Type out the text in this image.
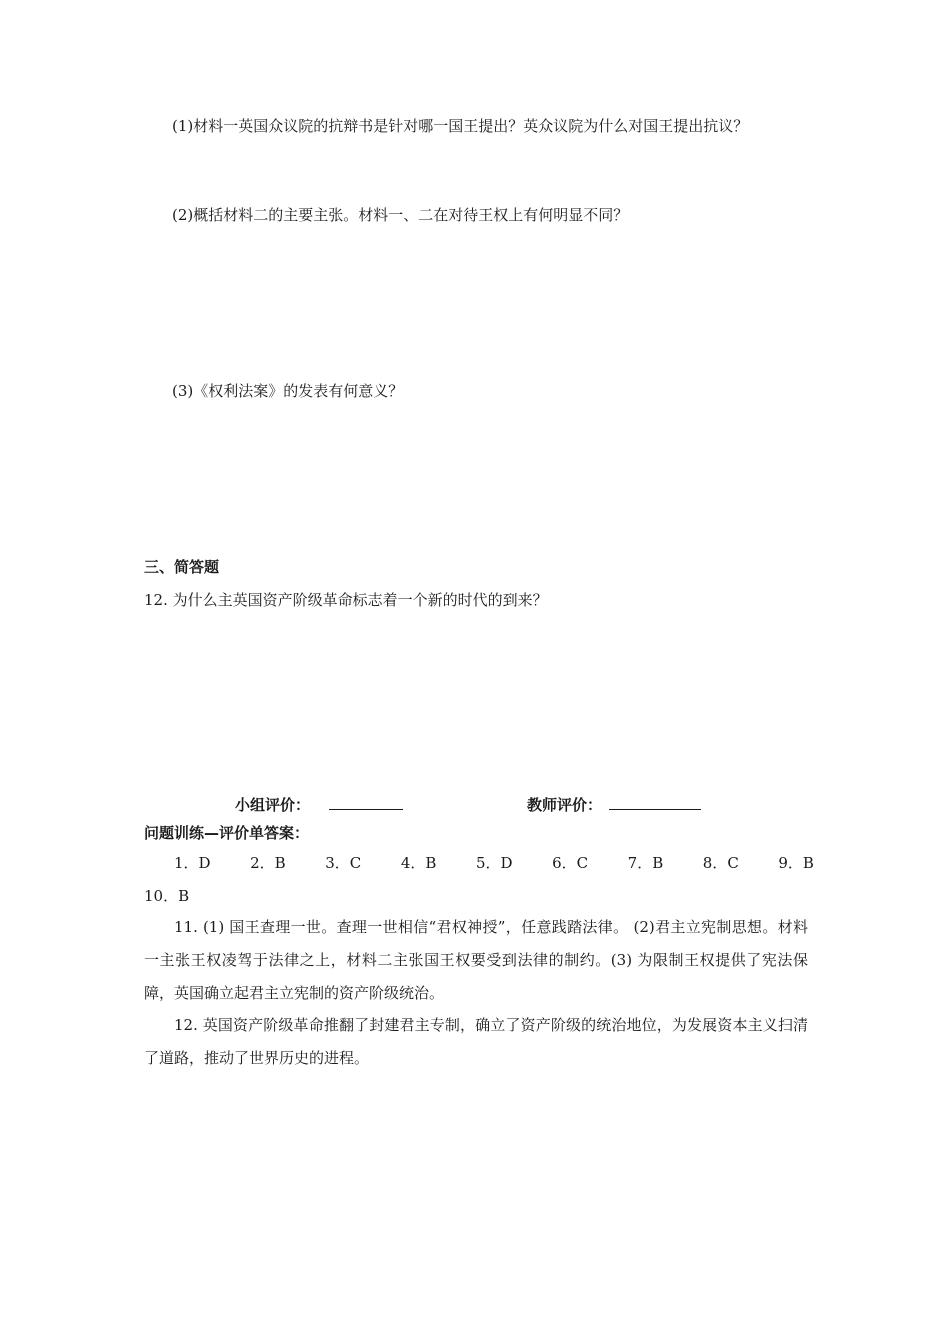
(1)材料一英国众议院的抗辩书是针对哪一国王提出？英众议院为什么对国王提出抗议？
(2)概括材料二的主要主张。材料一、二在对待王权上有何明显不同？
(3)《权利法案》的发表有何意义？
三、简答题
12. 为什么主英国资产阶级革命标志着一个新的时代的到来？
小组评价：	教师评价：
问题训练—评价单答案：
1．D	2．B	3．C	4．B	5．D	6．C	7．B	8．C	9．B
10．B
11. (1) 国王查理一世。查理一世相信“君权神授”，任意践踏法律。 (2)君主立宪制思想。材料一主张王权凌驾于法律之上，材料二主张国王权要受到法律的制约。(3) 为限制王权提供了宪法保障，英国确立起君主立宪制的资产阶级统治。
12. 英国资产阶级革命推翻了封建君主专制，确立了资产阶级的统治地位，为发展资本主义扫清了道路，推动了世界历史的进程。
